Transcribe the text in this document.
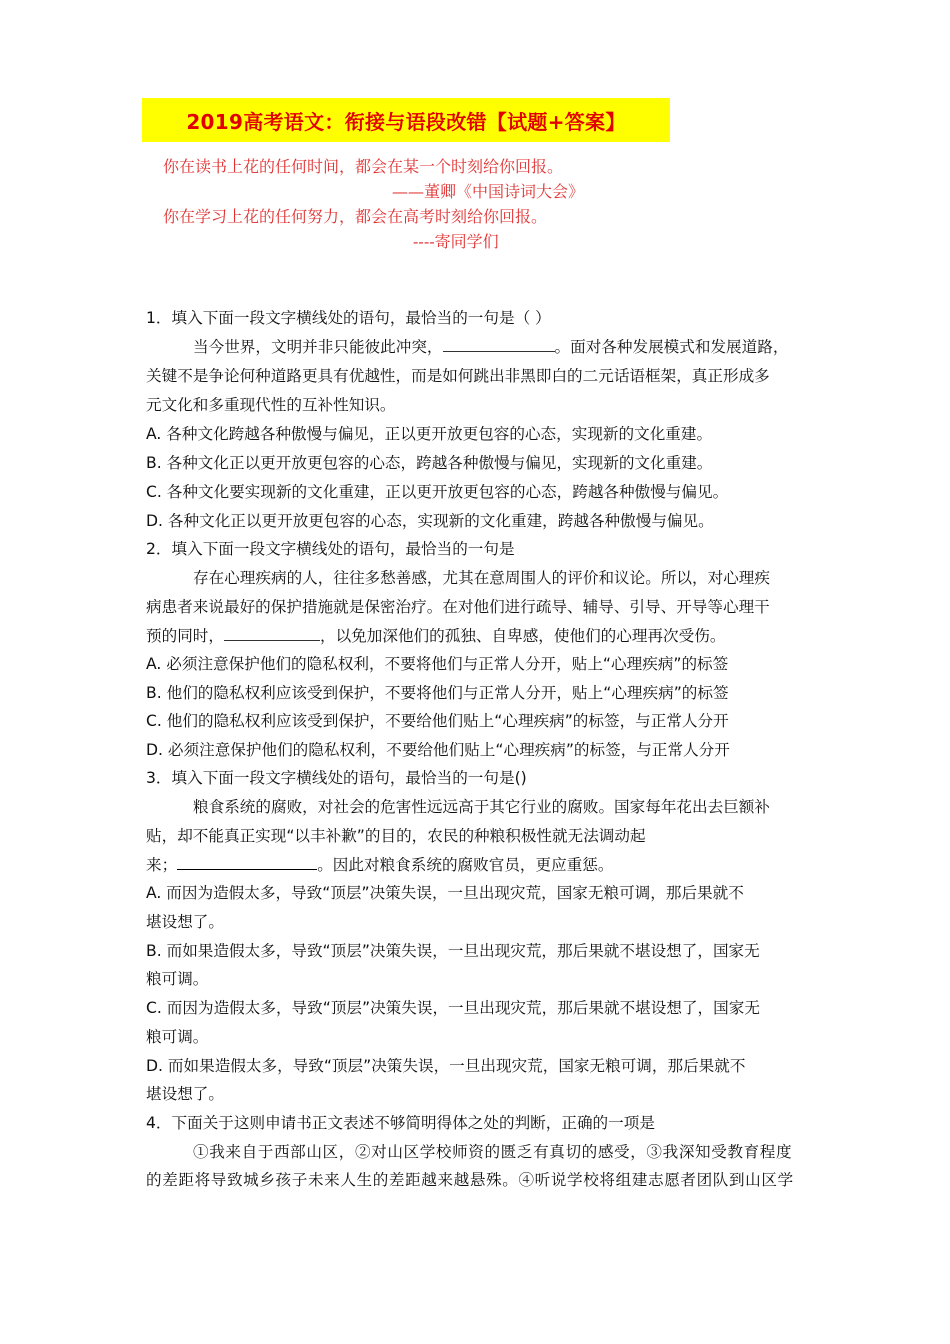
2019高考语文：衔接与语段改错【试题+答案】
你在读书上花的任何时间，都会在某一个时刻给你回报。
——董卿《中国诗词大会》
你在学习上花的任何努力，都会在高考时刻给你回报。
----寄同学们
1．填入下面一段文字横线处的语句，最恰当的一句是（ ）
当今世界，文明并非只能彼此冲突，	。面对各种发展模式和发展道路，
关键不是争论何种道路更具有优越性，而是如何跳出非黑即白的二元话语框架，真正形成多
元文化和多重现代性的互补性知识。
A. 各种文化跨越各种傲慢与偏见，正以更开放更包容的心态，实现新的文化重建。
B. 各种文化正以更开放更包容的心态，跨越各种傲慢与偏见，实现新的文化重建。
C. 各种文化要实现新的文化重建，正以更开放更包容的心态，跨越各种傲慢与偏见。
D. 各种文化正以更开放更包容的心态，实现新的文化重建，跨越各种傲慢与偏见。
2．填入下面一段文字横线处的语句，最恰当的一句是
存在心理疾病的人，往往多愁善感，尤其在意周围人的评价和议论。所以，对心理疾
病患者来说最好的保护措施就是保密治疗。在对他们进行疏导、辅导、引导、开导等心理干
预的同时，	，以免加深他们的孤独、自卑感，使他们的心理再次受伤。
A. 必须注意保护他们的隐私权利，不要将他们与正常人分开，贴上“心理疾病”的标签
B. 他们的隐私权利应该受到保护，不要将他们与正常人分开，贴上“心理疾病”的标签
C. 他们的隐私权利应该受到保护，不要给他们贴上“心理疾病”的标签，与正常人分开
D. 必须注意保护他们的隐私权利，不要给他们贴上“心理疾病”的标签，与正常人分开
3．填入下面一段文字横线处的语句，最恰当的一句是()
粮食系统的腐败，对社会的危害性远远高于其它行业的腐败。国家每年花出去巨额补
贴，却不能真正实现“以丰补歉”的目的，农民的种粮积极性就无法调动起
来；	。因此对粮食系统的腐败官员，更应重惩。
A. 而因为造假太多，导致“顶层”决策失误，一旦出现灾荒，国家无粮可调，那后果就不
堪设想了。
B. 而如果造假太多，导致“顶层”决策失误，一旦出现灾荒，那后果就不堪设想了，国家无
粮可调。
C. 而因为造假太多，导致“顶层”决策失误，一旦出现灾荒，那后果就不堪设想了，国家无
粮可调。
D. 而如果造假太多，导致“顶层”决策失误，一旦出现灾荒，国家无粮可调，那后果就不
堪设想了。
4．下面关于这则申请书正文表述不够简明得体之处的判断，正确的一项是
①我来自于西部山区，②对山区学校师资的匮乏有真切的感受，③我深知受教育程度
的差距将导致城乡孩子未来人生的差距越来越悬殊。④听说学校将组建志愿者团队到山区学
